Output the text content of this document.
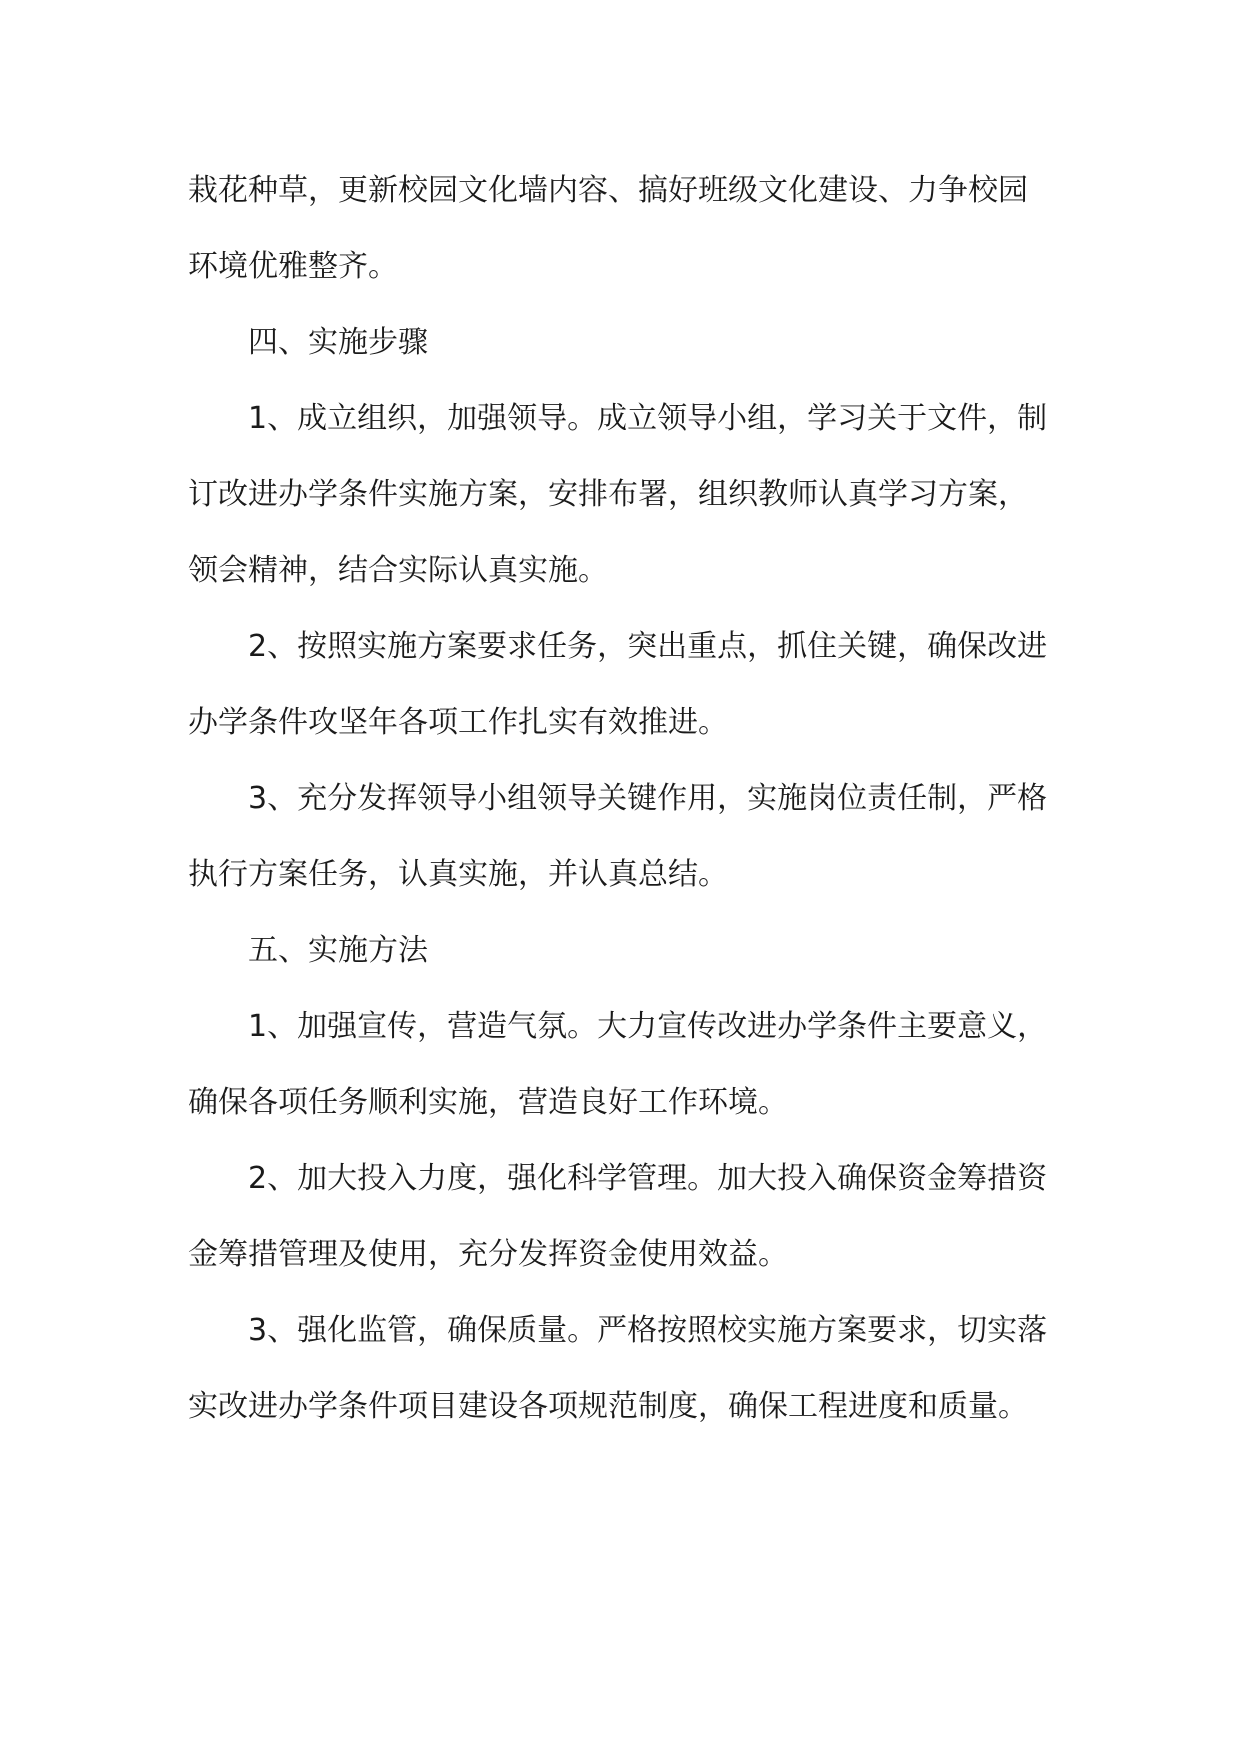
栽花种草，更新校园文化墙内容、搞好班级文化建设、力争校园
环境优雅整齐。
四、实施步骤
1、成立组织，加强领导。成立领导小组，学习关于文件，制
订改进办学条件实施方案，安排布署，组织教师认真学习方案，
领会精神，结合实际认真实施。
2、按照实施方案要求任务，突出重点，抓住关键，确保改进
办学条件攻坚年各项工作扎实有效推进。
3、充分发挥领导小组领导关键作用，实施岗位责任制，严格
执行方案任务，认真实施，并认真总结。
五、实施方法
1、加强宣传，营造气氛。大力宣传改进办学条件主要意义，
确保各项任务顺利实施，营造良好工作环境。
2、加大投入力度，强化科学管理。加大投入确保资金筹措资
金筹措管理及使用，充分发挥资金使用效益。
3、强化监管，确保质量。严格按照校实施方案要求，切实落
实改进办学条件项目建设各项规范制度，确保工程进度和质量。
